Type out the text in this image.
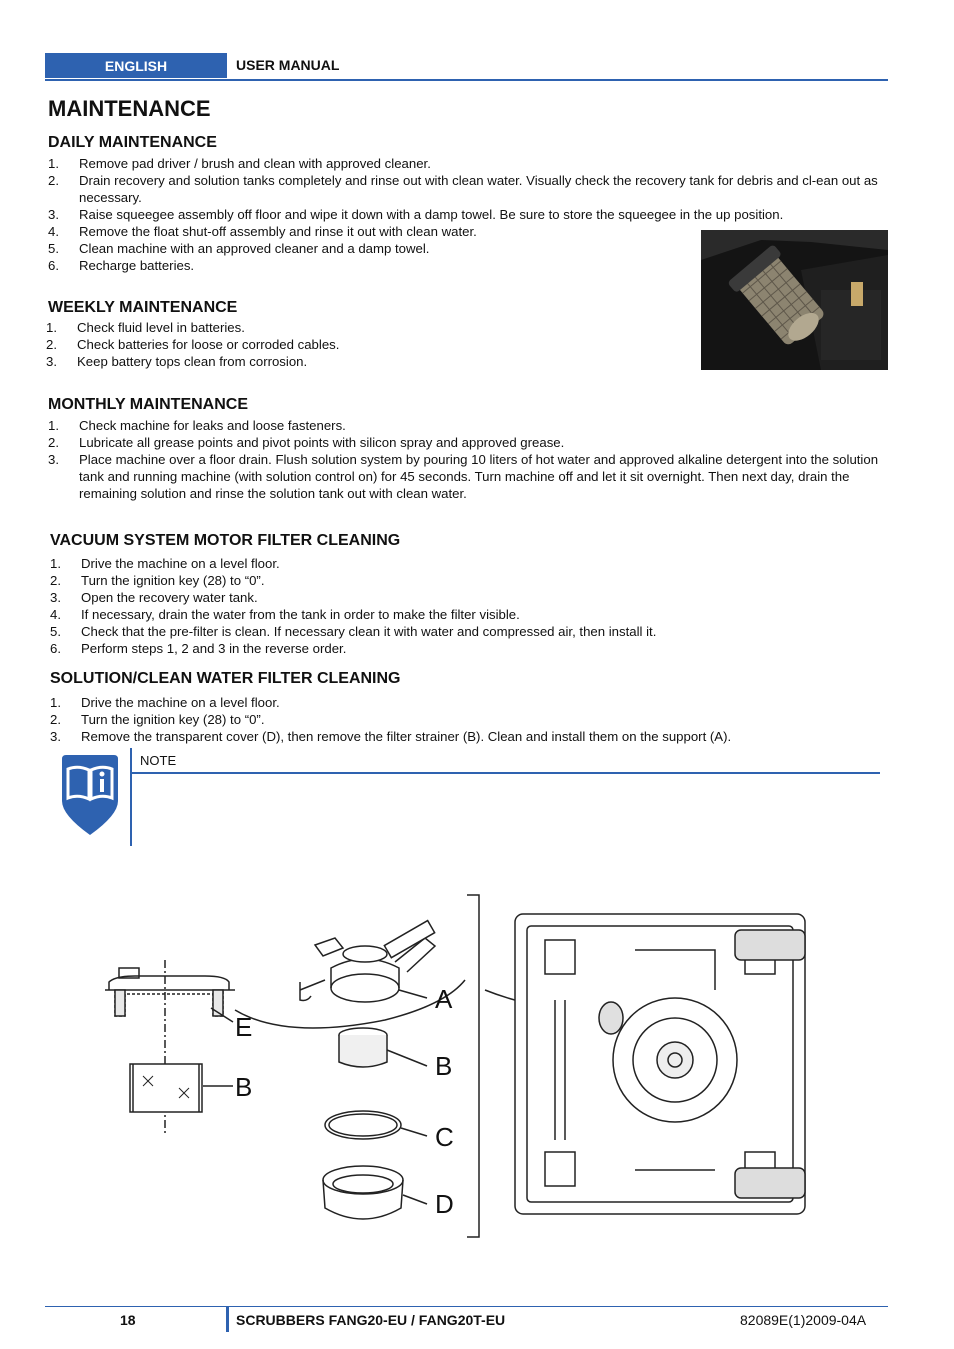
ENGLISH	USER MANUAL
MAINTENANCE
DAILY MAINTENANCE
1. Remove pad driver / brush and clean with approved cleaner.
2. Drain recovery and solution tanks completely and rinse out with clean water. Visually check the recovery tank for debris and cl-ean out as necessary.
3. Raise squeegee assembly off floor and wipe it down with a damp towel. Be sure to store the squeegee in the up position.
4. Remove the float shut-off assembly and rinse it out with clean water.
5. Clean machine with an approved cleaner and a damp towel.
6. Recharge batteries.
WEEKLY MAINTENANCE
1. Check fluid level in batteries.
2. Check batteries for loose or corroded cables.
3. Keep battery tops clean from corrosion.
MONTHLY MAINTENANCE
1. Check machine for leaks and loose fasteners.
2. Lubricate all grease points and pivot points with silicon spray and approved grease.
3. Place machine over a floor drain. Flush solution system by pouring 10 liters of hot water and approved alkaline detergent into the solution tank and running machine (with solution control on) for 45 seconds. Turn machine off and let it sit overnight. Then next day, drain the remaining solution and rinse the solution tank out with clean water.
VACUUM SYSTEM MOTOR FILTER CLEANING
1. Drive the machine on a level floor.
2. Turn the ignition key (28) to “0”.
3. Open the recovery water tank.
4. If necessary, drain the water from the tank in order to make the filter visible.
5. Check that the pre-filter is clean. If necessary clean it with water and compressed air, then install it.
6. Perform steps 1, 2 and 3 in the reverse order.
SOLUTION/CLEAN WATER FILTER CLEANING
1. Drive the machine on a level floor.
2. Turn the ignition key (28) to “0”.
3. Remove the transparent cover (D), then remove the filter strainer (B). Clean and install them on the support (A).
NOTE
A
B
C
D
E
B
18	SCRUBBERS FANG20-EU / FANG20T-EU	82089E(1)2009-04A
